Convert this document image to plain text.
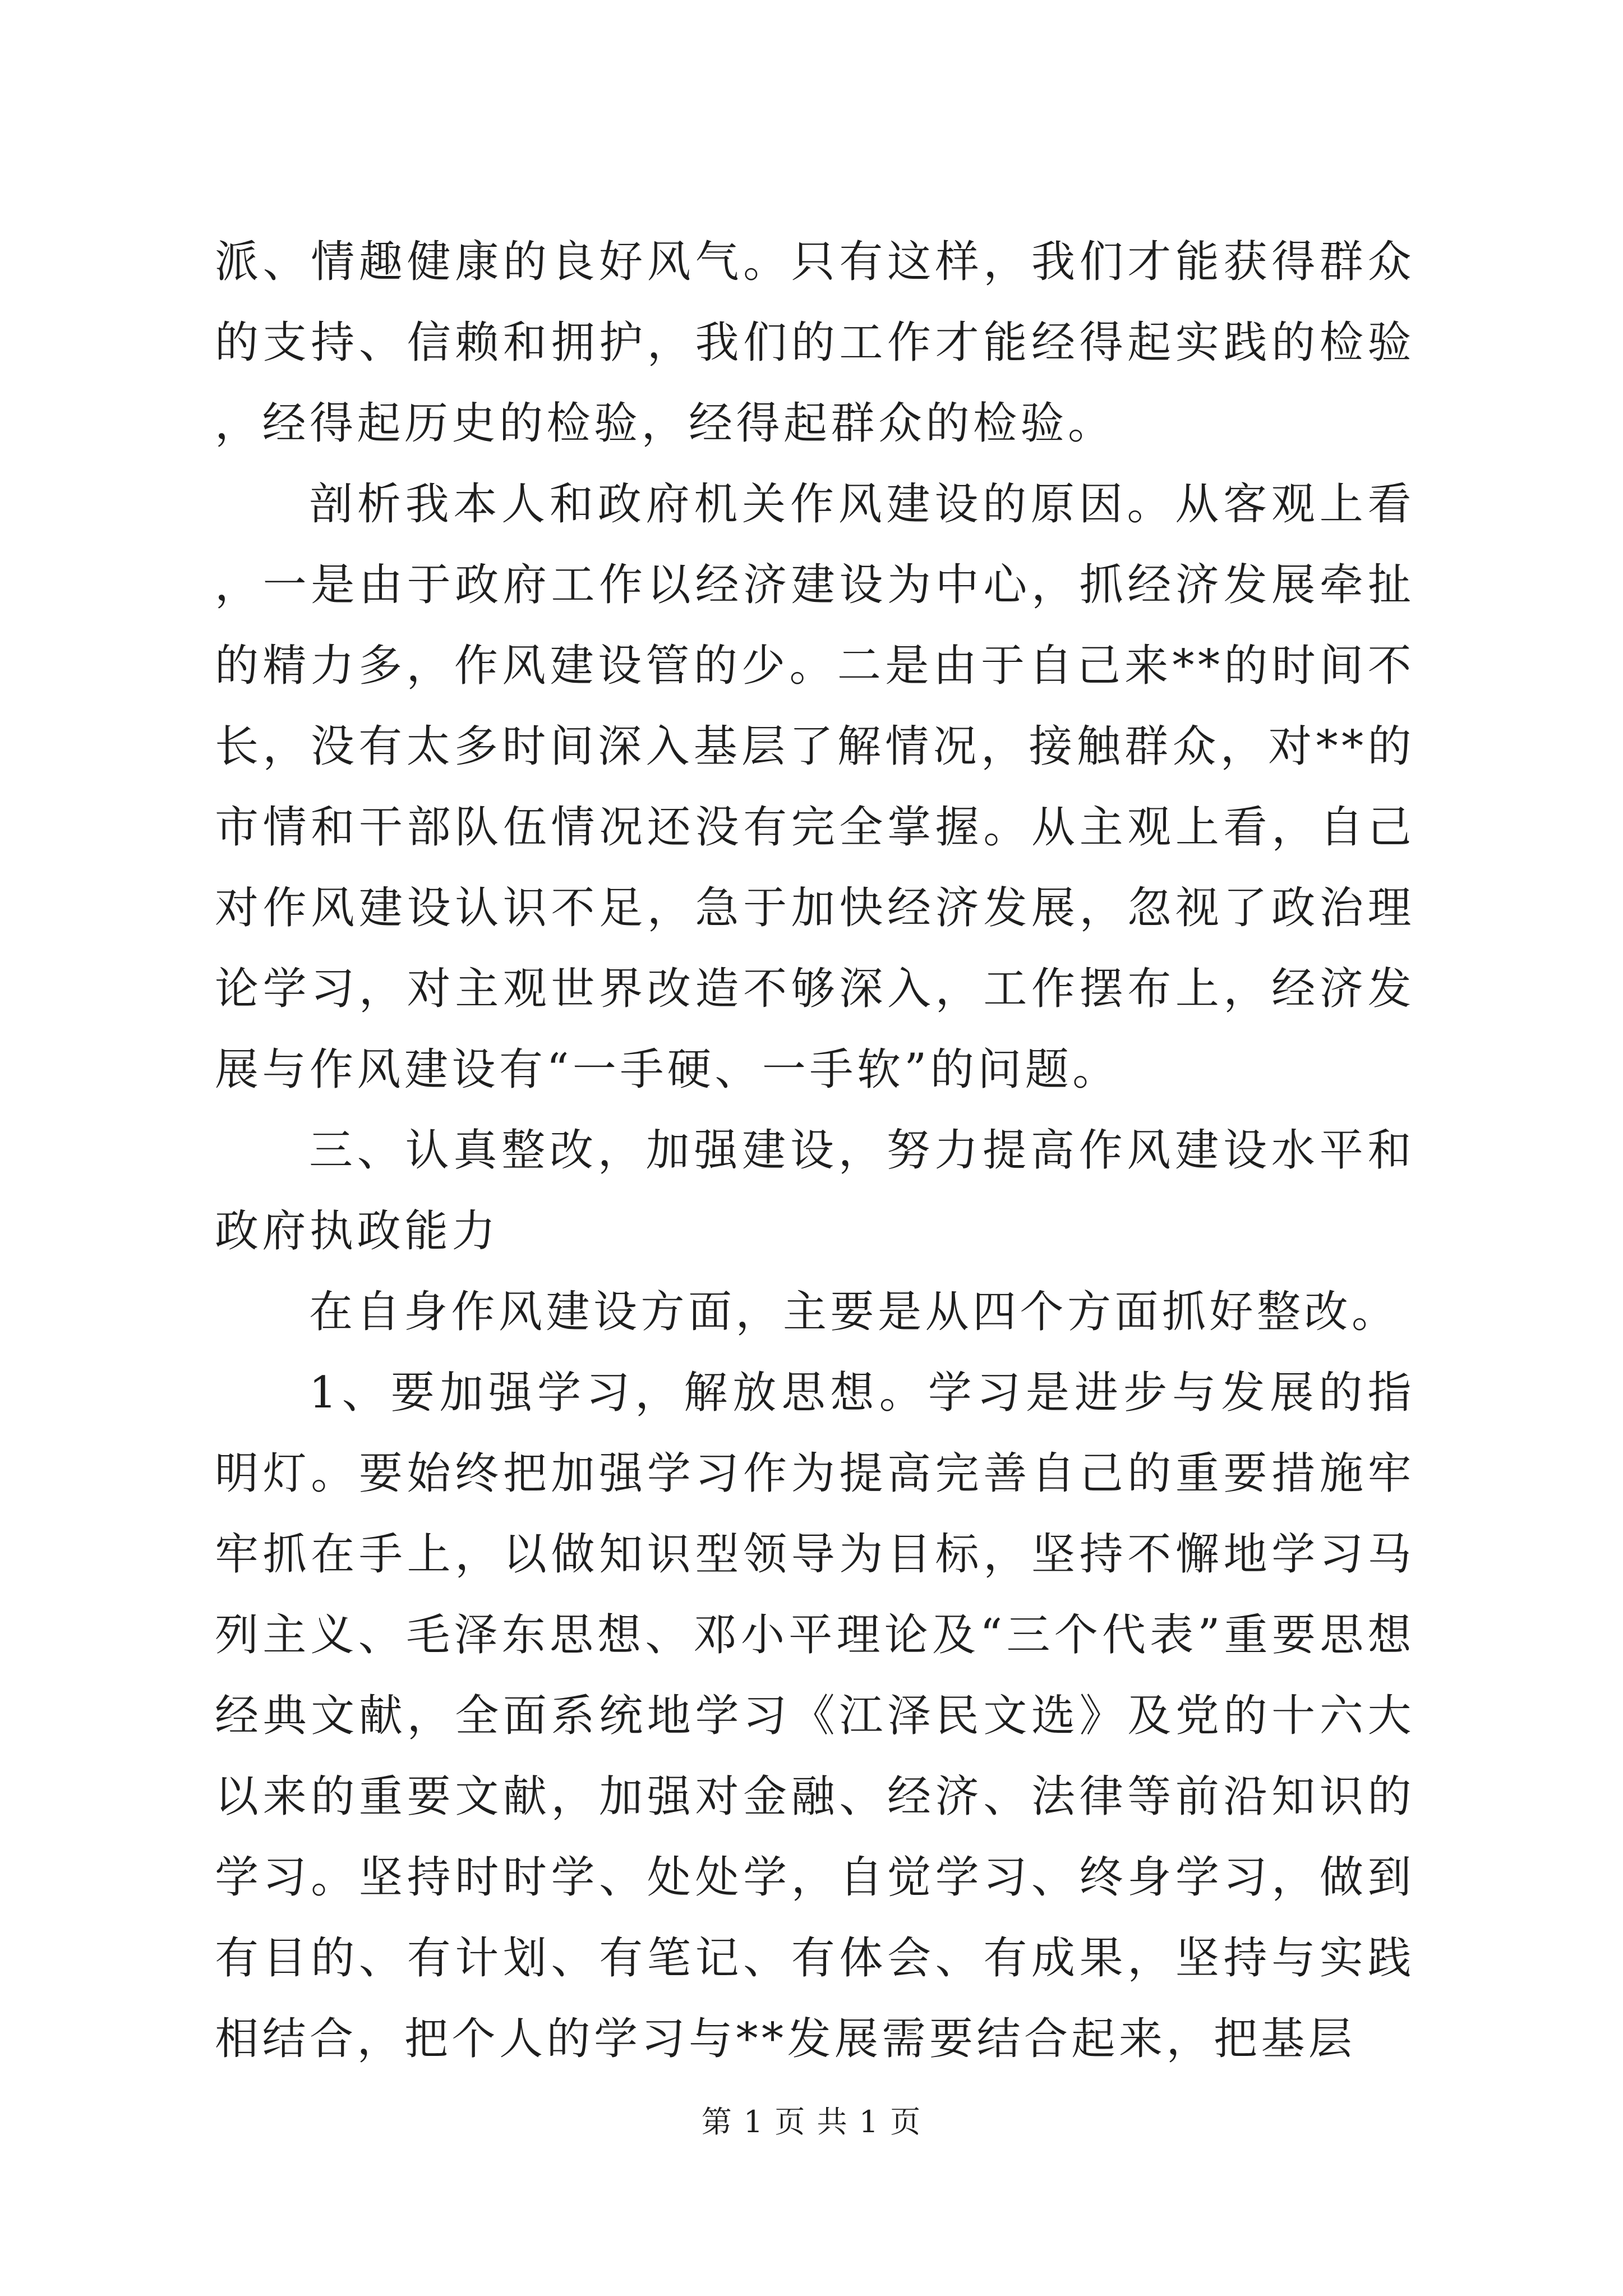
派、情趣健康的良好风气。只有这样，我们才能获得群众的支持、信赖和拥护，我们的工作才能经得起实践的检验，经得起历史的检验，经得起群众的检验。

剖析我本人和政府机关作风建设的原因。从客观上看，一是由于政府工作以经济建设为中心，抓经济发展牵扯的精力多，作风建设管的少。二是由于自己来**的时间不长，没有太多时间深入基层了解情况，接触群众，对**的市情和干部队伍情况还没有完全掌握。从主观上看，自己对作风建设认识不足，急于加快经济发展，忽视了政治理论学习，对主观世界改造不够深入，工作摆布上，经济发展与作风建设有“一手硬、一手软”的问题。

三、认真整改，加强建设，努力提高作风建设水平和政府执政能力

在自身作风建设方面，主要是从四个方面抓好整改。

1、要加强学习，解放思想。学习是进步与发展的指明灯。要始终把加强学习作为提高完善自己的重要措施牢牢抓在手上，以做知识型领导为目标，坚持不懈地学习马列主义、毛泽东思想、邓小平理论及“三个代表”重要思想经典文献，全面系统地学习《江泽民文选》及党的十六大以来的重要文献，加强对金融、经济、法律等前沿知识的学习。坚持时时学、处处学，自觉学习、终身学习，做到有目的、有计划、有笔记、有体会、有成果，坚持与实践相结合，把个人的学习与**发展需要结合起来，把基层

第 1 页 共 1 页
